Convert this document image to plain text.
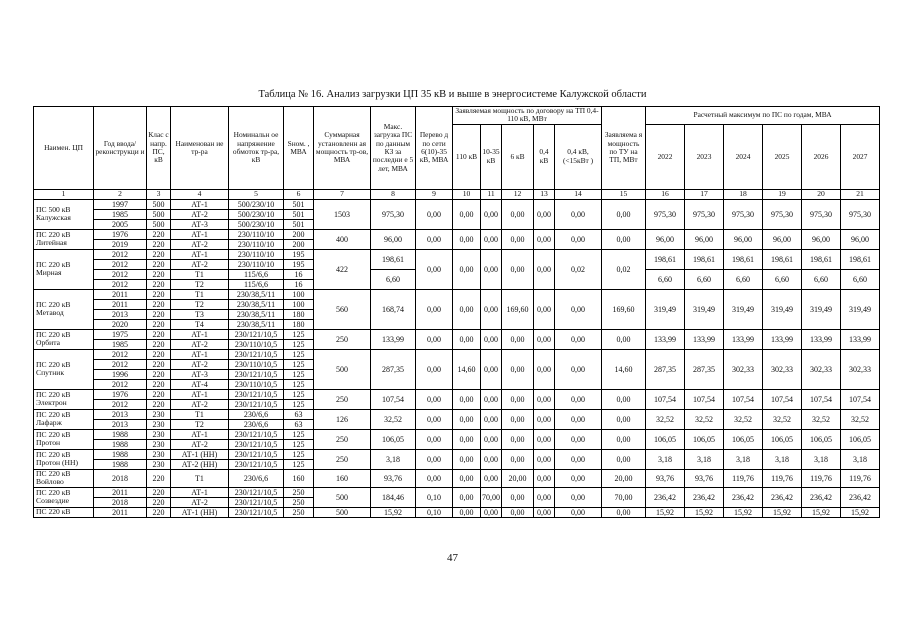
Таблица № 16. Анализ загрузки ЦП 35 кВ и выше в энергосистеме Калужской области
Наимен. ЦП	Год ввода/ реконструкци и	Клас с напр. ПС, кВ	Наименован ие тр-ра	Номинальн ое напряжение обмоток тр-ра, кВ	Sном. , МВА	Суммарная установленн ая мощность тр-ов, МВА	Макс. загрузка ПС по данным КЗ за последни е 5 лет, МВА	Перево д по сети 6(10)-35 кВ, МВА	Заявляемая мощность по договору на ТП 0,4-110 кВ, МВт					Заявляема я мощность по ТУ на ТП, МВт	Расчетный максимум по ПС по годам, МВА					
									110 кВ	10-35 кВ	6 кВ	0,4 кВ	0,4 кВ, (<15кВт )		2022	2023	2024	2025	2026	2027
1	2	3	4	5	6	7	8	9	10	11	12	13	14	15	16	17	18	19	20	21
ПС 500 кВ Калужская	1997	500	АТ-1	500/230/10	501	1503	975,30	0,00	0,00	0,00	0,00	0,00	0,00	0,00	975,30	975,30	975,30	975,30	975,30	975,30
	1985	500	АТ-2	500/230/10	501															
	2005	500	АТ-3	500/230/10	501															
ПС 220 кВ Литейная	1976	220	АТ-1	230/110/10	200	400	96,00	0,00	0,00	0,00	0,00	0,00	0,00	0,00	96,00	96,00	96,00	96,00	96,00	96,00
	2019	220	АТ-2	230/110/10	200															
ПС 220 кВ Мирная	2012	220	АТ-1	230/110/10	195	422	198,61	0,00	0,00	0,00	0,00	0,00	0,02	0,02	198,61	198,61	198,61	198,61	198,61	198,61
	2012	220	АТ-2	230/110/10	195															
	2012	220	Т1	115/6,6	16		6,60								6,60	6,60	6,60	6,60	6,60	6,60
	2012	220	Т2	115/6,6	16															
ПС 220 кВ Метавод	2011	220	Т1	230/38,5/11	100	560	168,74	0,00	0,00	0,00	169,60	0,00	0,00	169,60	319,49	319,49	319,49	319,49	319,49	319,49
	2011	220	Т2	230/38,5/11	100															
	2013	220	Т3	230/38,5/11	180															
	2020	220	Т4	230/38,5/11	180															
ПС 220 кВ Орбита	1975	220	АТ-1	230/121/10,5	125	250	133,99	0,00	0,00	0,00	0,00	0,00	0,00	0,00	133,99	133,99	133,99	133,99	133,99	133,99
	1985	220	АТ-2	230/110/10,5	125															
ПС 220 кВ Спутник	2012	220	АТ-1	230/121/10,5	125	500	287,35	0,00	14,60	0,00	0,00	0,00	0,00	14,60	287,35	287,35	302,33	302,33	302,33	302,33
	2012	220	АТ-2	230/110/10,5	125															
	1996	220	АТ-3	230/121/10,5	125															
	2012	220	АТ-4	230/110/10,5	125															
ПС 220 кВ Электрон	1976	220	АТ-1	230/121/10,5	125	250	107,54	0,00	0,00	0,00	0,00	0,00	0,00	0,00	107,54	107,54	107,54	107,54	107,54	107,54
	2012	220	АТ-2	230/121/10,5	125															
ПС 220 кВ Лафарж	2013	230	Т1	230/6,6	63	126	32,52	0,00	0,00	0,00	0,00	0,00	0,00	0,00	32,52	32,52	32,52	32,52	32,52	32,52
	2013	230	Т2	230/6,6	63															
ПС 220 кВ Протон	1988	230	АТ-1	230/121/10,5	125	250	106,05	0,00	0,00	0,00	0,00	0,00	0,00	0,00	106,05	106,05	106,05	106,05	106,05	106,05
	1988	230	АТ-2	230/121/10,5	125															
ПС 220 кВ Протон (НН)	1988	230	АТ-1 (НН)	230/121/10,5	125	250	3,18	0,00	0,00	0,00	0,00	0,00	0,00	0,00	3,18	3,18	3,18	3,18	3,18	3,18
	1988	230	АТ-2 (НН)	230/121/10,5	125															
ПС 220 кВ Войлово	2018	220	Т1	230/6,6	160	160	93,76	0,00	0,00	0,00	20,00	0,00	0,00	20,00	93,76	93,76	119,76	119,76	119,76	119,76
ПС 220 кВ Созвездие	2011	220	АТ-1	230/121/10,5	250	500	184,46	0,10	0,00	70,00	0,00	0,00	0,00	70,00	236,42	236,42	236,42	236,42	236,42	236,42
	2018	220	АТ-2	230/121/10,5	250															
ПС 220 кВ	2011	220	АТ-1 (НН)	230/121/10,5	250	500	15,92	0,10	0,00	0,00	0,00	0,00	0,00	0,00	15,92	15,92	15,92	15,92	15,92	15,92
47
